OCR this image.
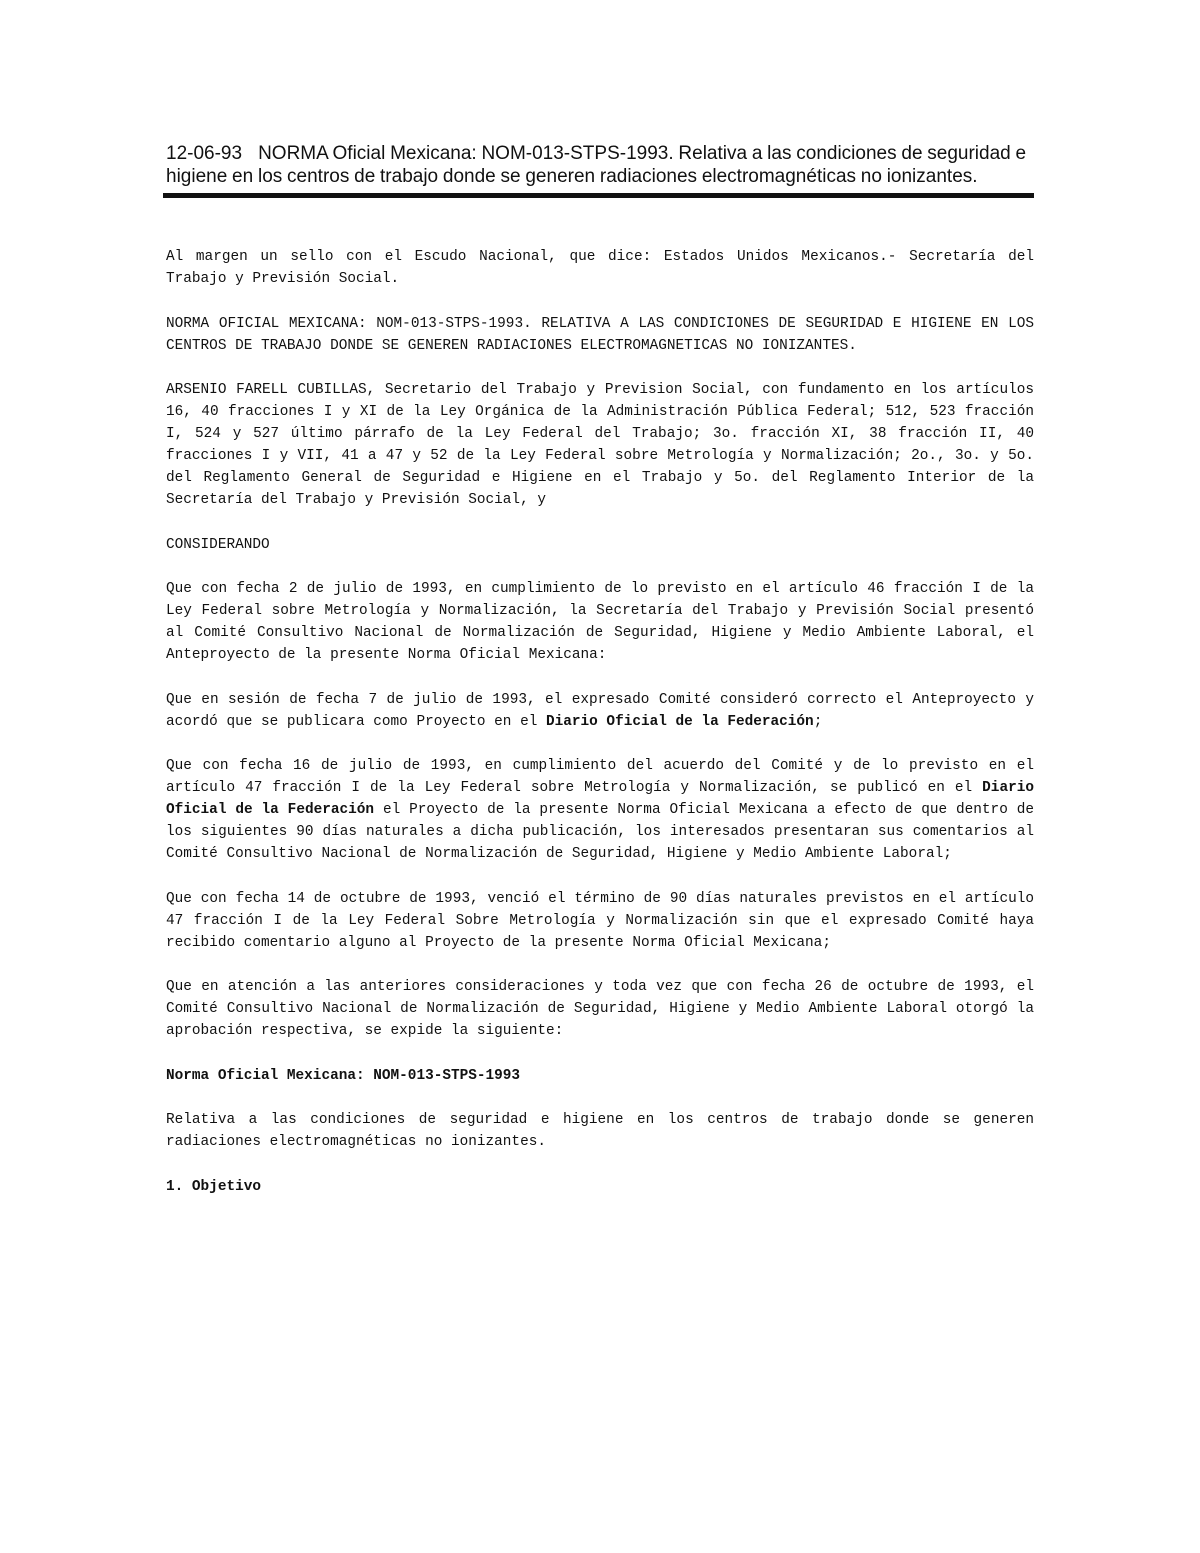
12-06-93 NORMA Oficial Mexicana: NOM-013-STPS-1993. Relativa a las condiciones de seguridad e higiene en los centros de trabajo donde se generen radiaciones electromagnéticas no ionizantes.

Al margen un sello con el Escudo Nacional, que dice: Estados Unidos Mexicanos.- Secretaría del Trabajo y Previsión Social.

NORMA OFICIAL MEXICANA: NOM-013-STPS-1993. RELATIVA A LAS CONDICIONES DE SEGURIDAD E HIGIENE EN LOS CENTROS DE TRABAJO DONDE SE GENEREN RADIACIONES ELECTROMAGNETICAS NO IONIZANTES.

ARSENIO FARELL CUBILLAS, Secretario del Trabajo y Prevision Social, con fundamento en los artículos 16, 40 fracciones I y XI de la Ley Orgánica de la Administración Pública Federal; 512, 523 fracción I, 524 y 527 último párrafo de la Ley Federal del Trabajo; 3o. fracción XI, 38 fracción II, 40 fracciones I y VII, 41 a 47 y 52 de la Ley Federal sobre Metrología y Normalización; 2o., 3o. y 5o. del Reglamento General de Seguridad e Higiene en el Trabajo y 5o. del Reglamento Interior de la Secretaría del Trabajo y Previsión Social, y

CONSIDERANDO

Que con fecha 2 de julio de 1993, en cumplimiento de lo previsto en el artículo 46 fracción I de la Ley Federal sobre Metrología y Normalización, la Secretaría del Trabajo y Previsión Social presentó al Comité Consultivo Nacional de Normalización de Seguridad, Higiene y Medio Ambiente Laboral, el Anteproyecto de la presente Norma Oficial Mexicana:

Que en sesión de fecha 7 de julio de 1993, el expresado Comité consideró correcto el Anteproyecto y acordó que se publicara como Proyecto en el Diario Oficial de la Federación;

Que con fecha 16 de julio de 1993, en cumplimiento del acuerdo del Comité y de lo previsto en el artículo 47 fracción I de la Ley Federal sobre Metrología y Normalización, se publicó en el Diario Oficial de la Federación el Proyecto de la presente Norma Oficial Mexicana a efecto de que dentro de los siguientes 90 días naturales a dicha publicación, los interesados presentaran sus comentarios al Comité Consultivo Nacional de Normalización de Seguridad, Higiene y Medio Ambiente Laboral;

Que con fecha 14 de octubre de 1993, venció el término de 90 días naturales previstos en el artículo 47 fracción I de la Ley Federal Sobre Metrología y Normalización sin que el expresado Comité haya recibido comentario alguno al Proyecto de la presente Norma Oficial Mexicana;

Que en atención a las anteriores consideraciones y toda vez que con fecha 26 de octubre de 1993, el Comité Consultivo Nacional de Normalización de Seguridad, Higiene y Medio Ambiente Laboral otorgó la aprobación respectiva, se expide la siguiente:

Norma Oficial Mexicana: NOM-013-STPS-1993

Relativa a las condiciones de seguridad e higiene en los centros de trabajo donde se generen radiaciones electromagnéticas no ionizantes.

1. Objetivo
